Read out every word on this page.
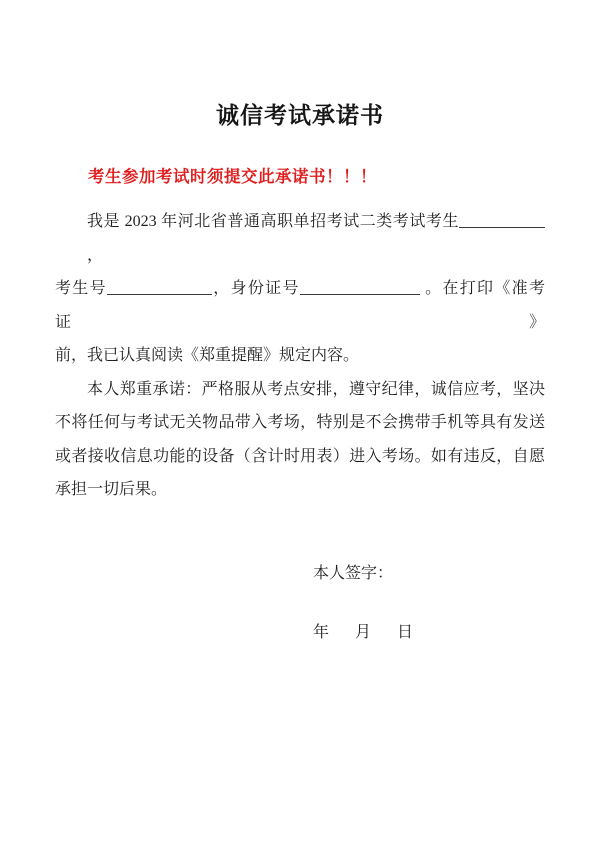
诚信考试承诺书
考生参加考试时须提交此承诺书！！！
我是 2023 年河北省普通高职单招考试二类考试考生，
考生号	，身份证号	。在打印《准考证》
前，我已认真阅读《郑重提醒》规定内容。
本人郑重承诺：严格服从考点安排，遵守纪律，诚信应考，坚决
不将任何与考试无关物品带入考场，特别是不会携带手机等具有发送
或者接收信息功能的设备（含计时用表）进入考场。如有违反，自愿
承担一切后果。
本人签字：
年　月　日
